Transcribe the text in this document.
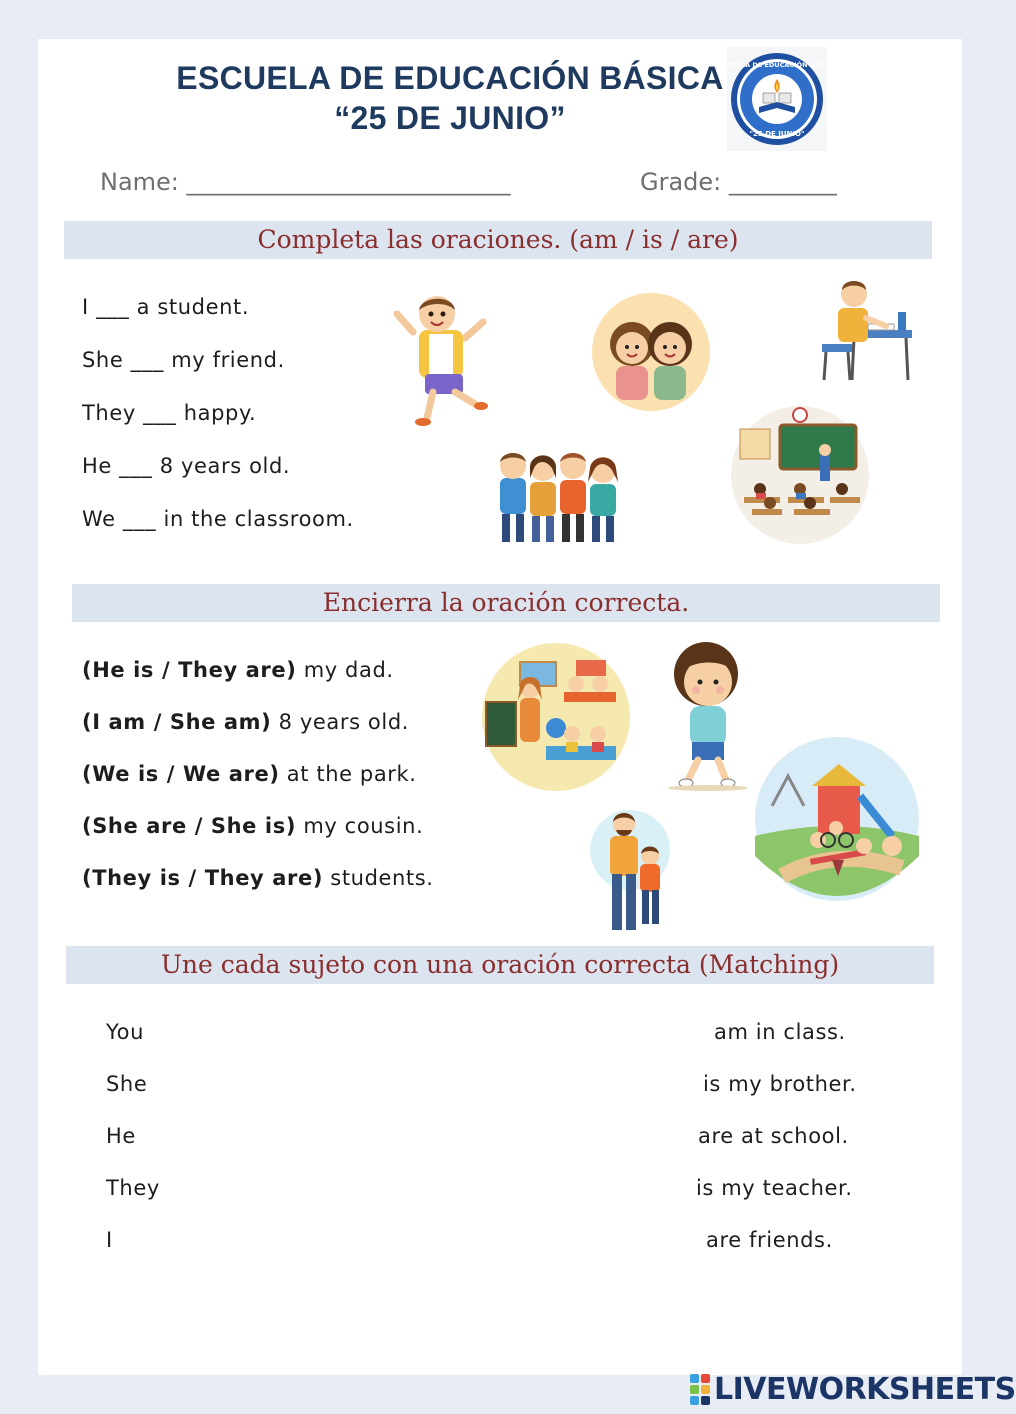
ESCUELA DE EDUCACIÓN BÁSICA
“25 DE JUNIO”
ESCUELA DE EDUCACIÓN BÁSICA
"25 DE JUNIO"
Name: ___________________________	Grade: _________
Completa las oraciones. (am / is / are)
I ___ a student.
She ___ my friend.
They ___ happy.
He ___ 8 years old.
We ___ in the classroom.
Encierra la oración correcta.
(He is / They are) my dad.
(I am / She am) 8 years old.
(We is / We are) at the park.
(She are / She is) my cousin.
(They is / They are) students.
Une cada sujeto con una oración correcta (Matching)
You
She
He
They
I
am in class.
is my brother.
are at school.
is my teacher.
are friends.
LIVEWORKSHEETS
